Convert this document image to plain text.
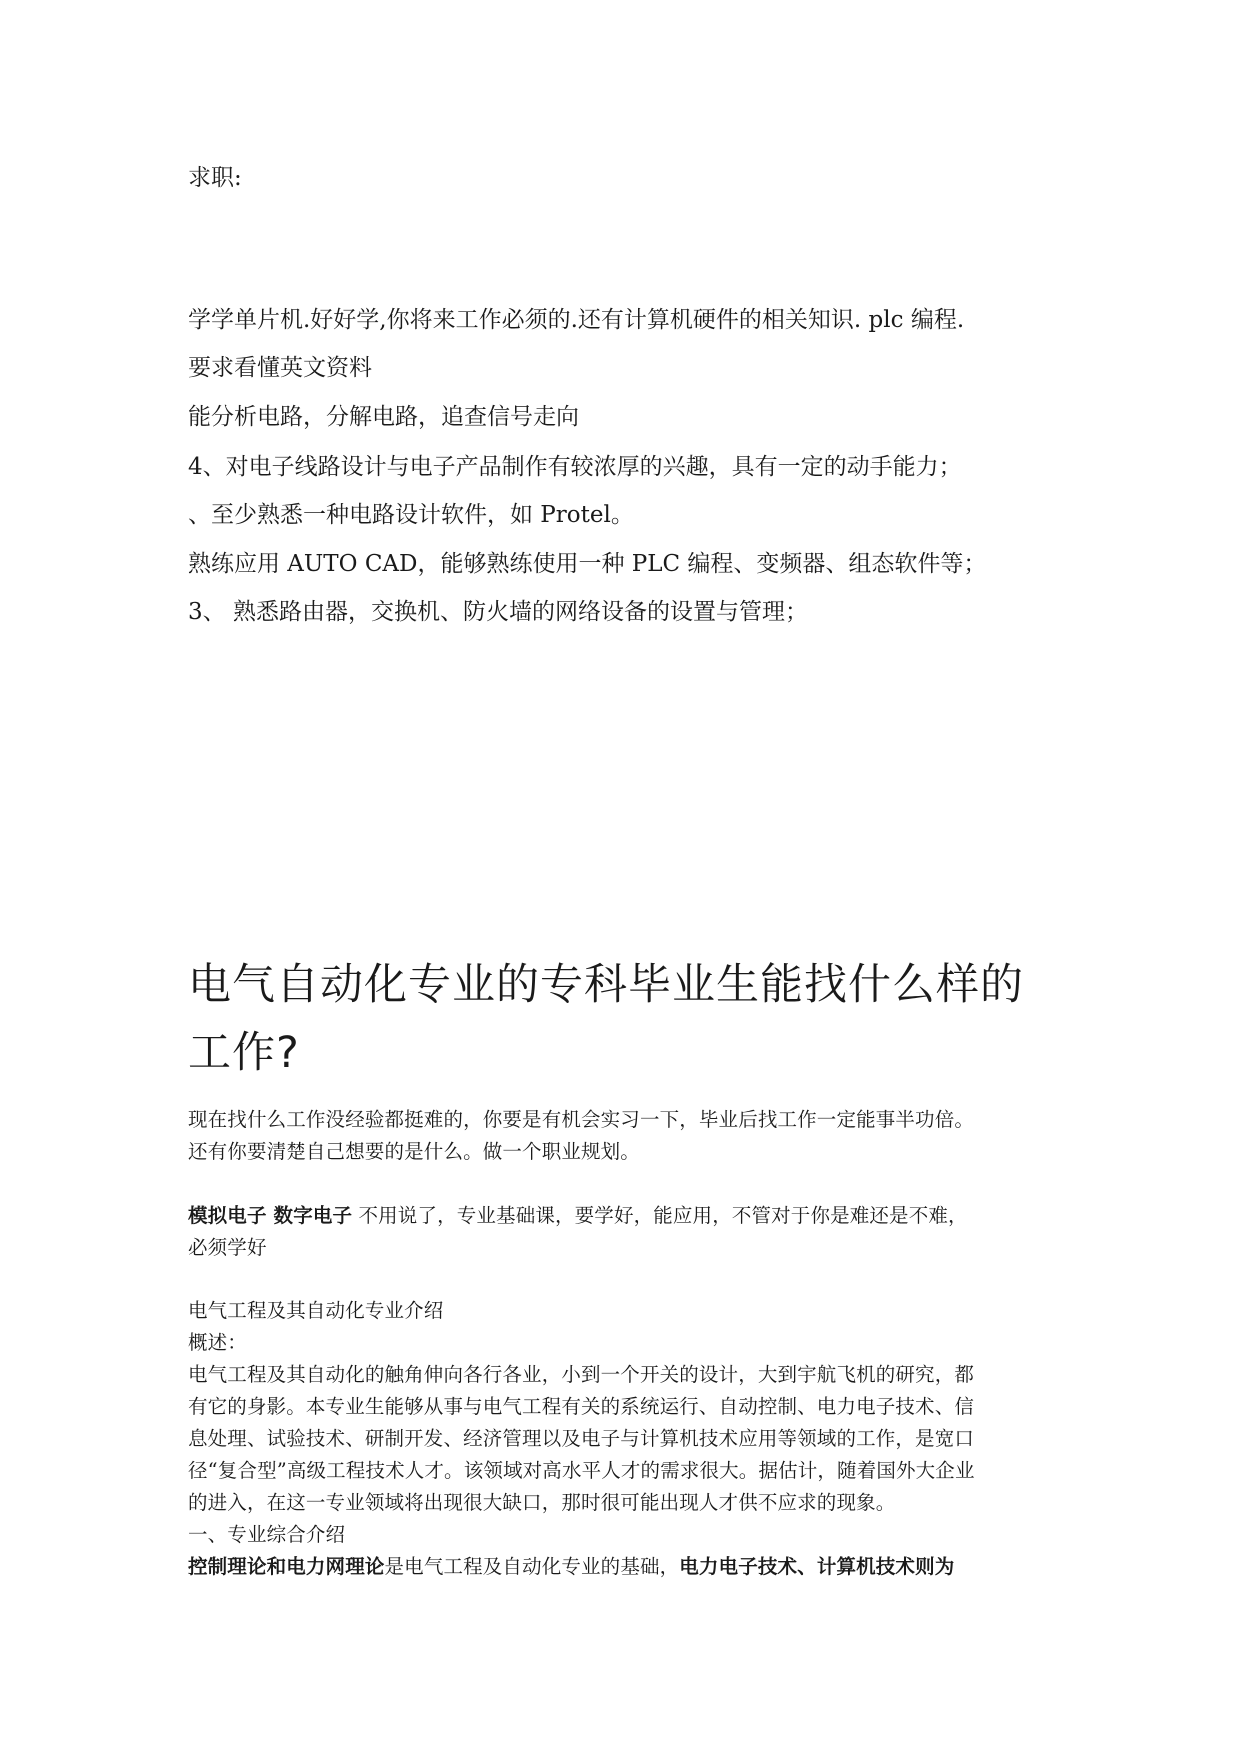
求职:

学学单片机.好好学,你将来工作必须的.还有计算机硬件的相关知识. plc 编程.

要求看懂英文资料

能分析电路，分解电路，追查信号走向

4、对电子线路设计与电子产品制作有较浓厚的兴趣，具有一定的动手能力；

、至少熟悉一种电路设计软件，如 Protel。

熟练应用 AUTO CAD，能够熟练使用一种 PLC 编程、变频器、组态软件等；

3、 熟悉路由器，交换机、防火墙的网络设备的设置与管理；

电气自动化专业的专科毕业生能找什么样的
工作?

现在找什么工作没经验都挺难的，你要是有机会实习一下，毕业后找工作一定能事半功倍。

还有你要清楚自己想要的是什么。做一个职业规划。

模拟电子 数字电子 不用说了，专业基础课，要学好，能应用，不管对于你是难还是不难，

必须学好

电气工程及其自动化专业介绍

概述：

电气工程及其自动化的触角伸向各行各业，小到一个开关的设计，大到宇航飞机的研究，都

有它的身影。本专业生能够从事与电气工程有关的系统运行、自动控制、电力电子技术、信

息处理、试验技术、研制开发、经济管理以及电子与计算机技术应用等领域的工作，是宽口

径“复合型”高级工程技术人才。该领域对高水平人才的需求很大。据估计，随着国外大企业

的进入，在这一专业领域将出现很大缺口，那时很可能出现人才供不应求的现象。

一、专业综合介绍

控制理论和电力网理论是电气工程及自动化专业的基础，电力电子技术、计算机技术则为
